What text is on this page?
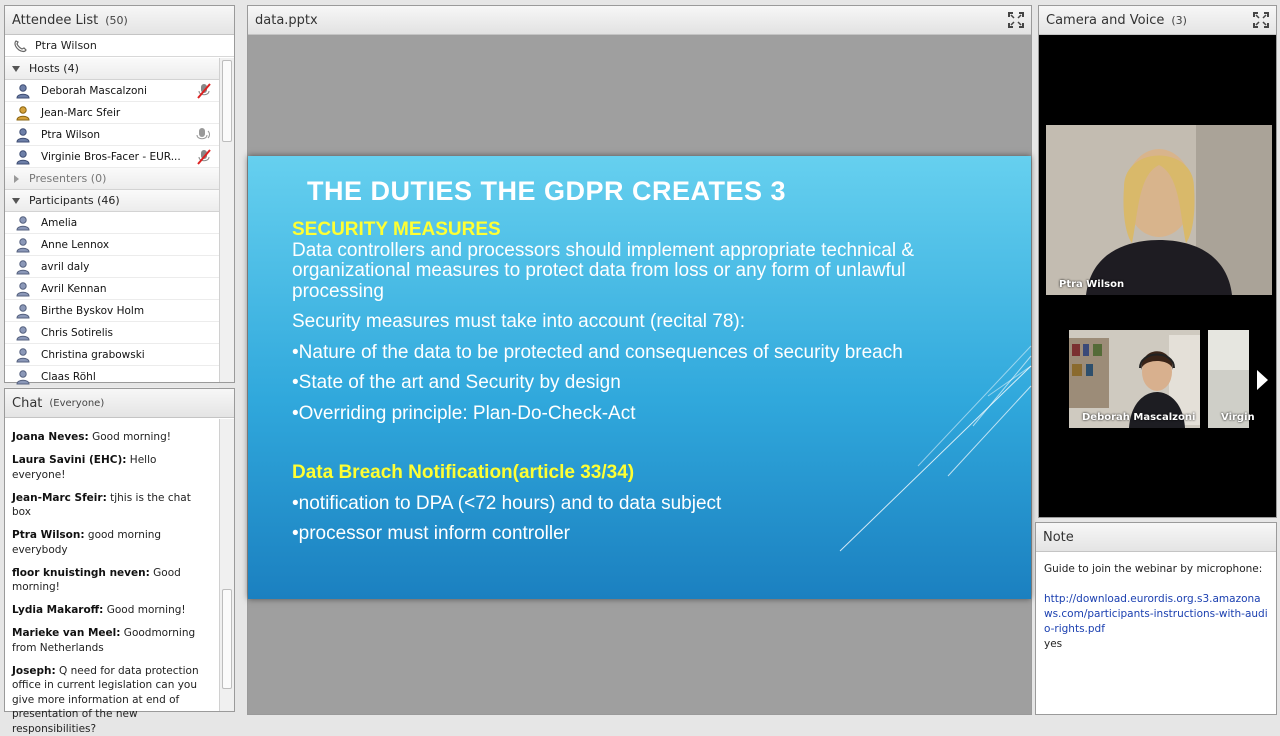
Attendee List (50)
Ptra Wilson
Hosts (4)
Deborah Mascalzoni
Jean-Marc Sfeir
Ptra Wilson
Virginie Bros-Facer - EUR...
Presenters (0)
Participants (46)
Amelia
Anne Lennox
avril daly
Avril Kennan
Birthe Byskov Holm
Chris Sotirelis
Christina grabowski
Claas Röhl
Chat (Everyone)
Joana Neves: Good morning!
Laura Savini (EHC): Hello everyone!
Jean-Marc Sfeir: tjhis is the chat box
Ptra Wilson: good morning everybody
floor knuistingh neven: Good morning!
Lydia Makaroff: Good morning!
Marieke van Meel: Goodmorning from Netherlands
Joseph: Q need for data protection office in current legislation can you give more information at end of presentation of the new responsibilities?
data.pptx
THE DUTIES THE GDPR CREATES 3

SECURITY MEASURES

Data controllers and processors should implement appropriate technical & organizational measures to protect data from loss or any form of unlawful processing

Security measures must take into account (recital 78):

•Nature of the data to be protected and consequences of security breach

•State of the art and Security by design

•Overriding principle: Plan-Do-Check-Act

Data Breach Notification(article 33/34)

•notification to DPA (<72 hours) and to data subject

•processor must inform controller

Camera and Voice (3)
Ptra Wilson
Deborah Mascalzoni	Virgin
Note
Guide to join the webinar by microphone:
http://download.eurordis.org.s3.amazonaws.com/participants-instructions-with-audio-rights.pdf
yes
